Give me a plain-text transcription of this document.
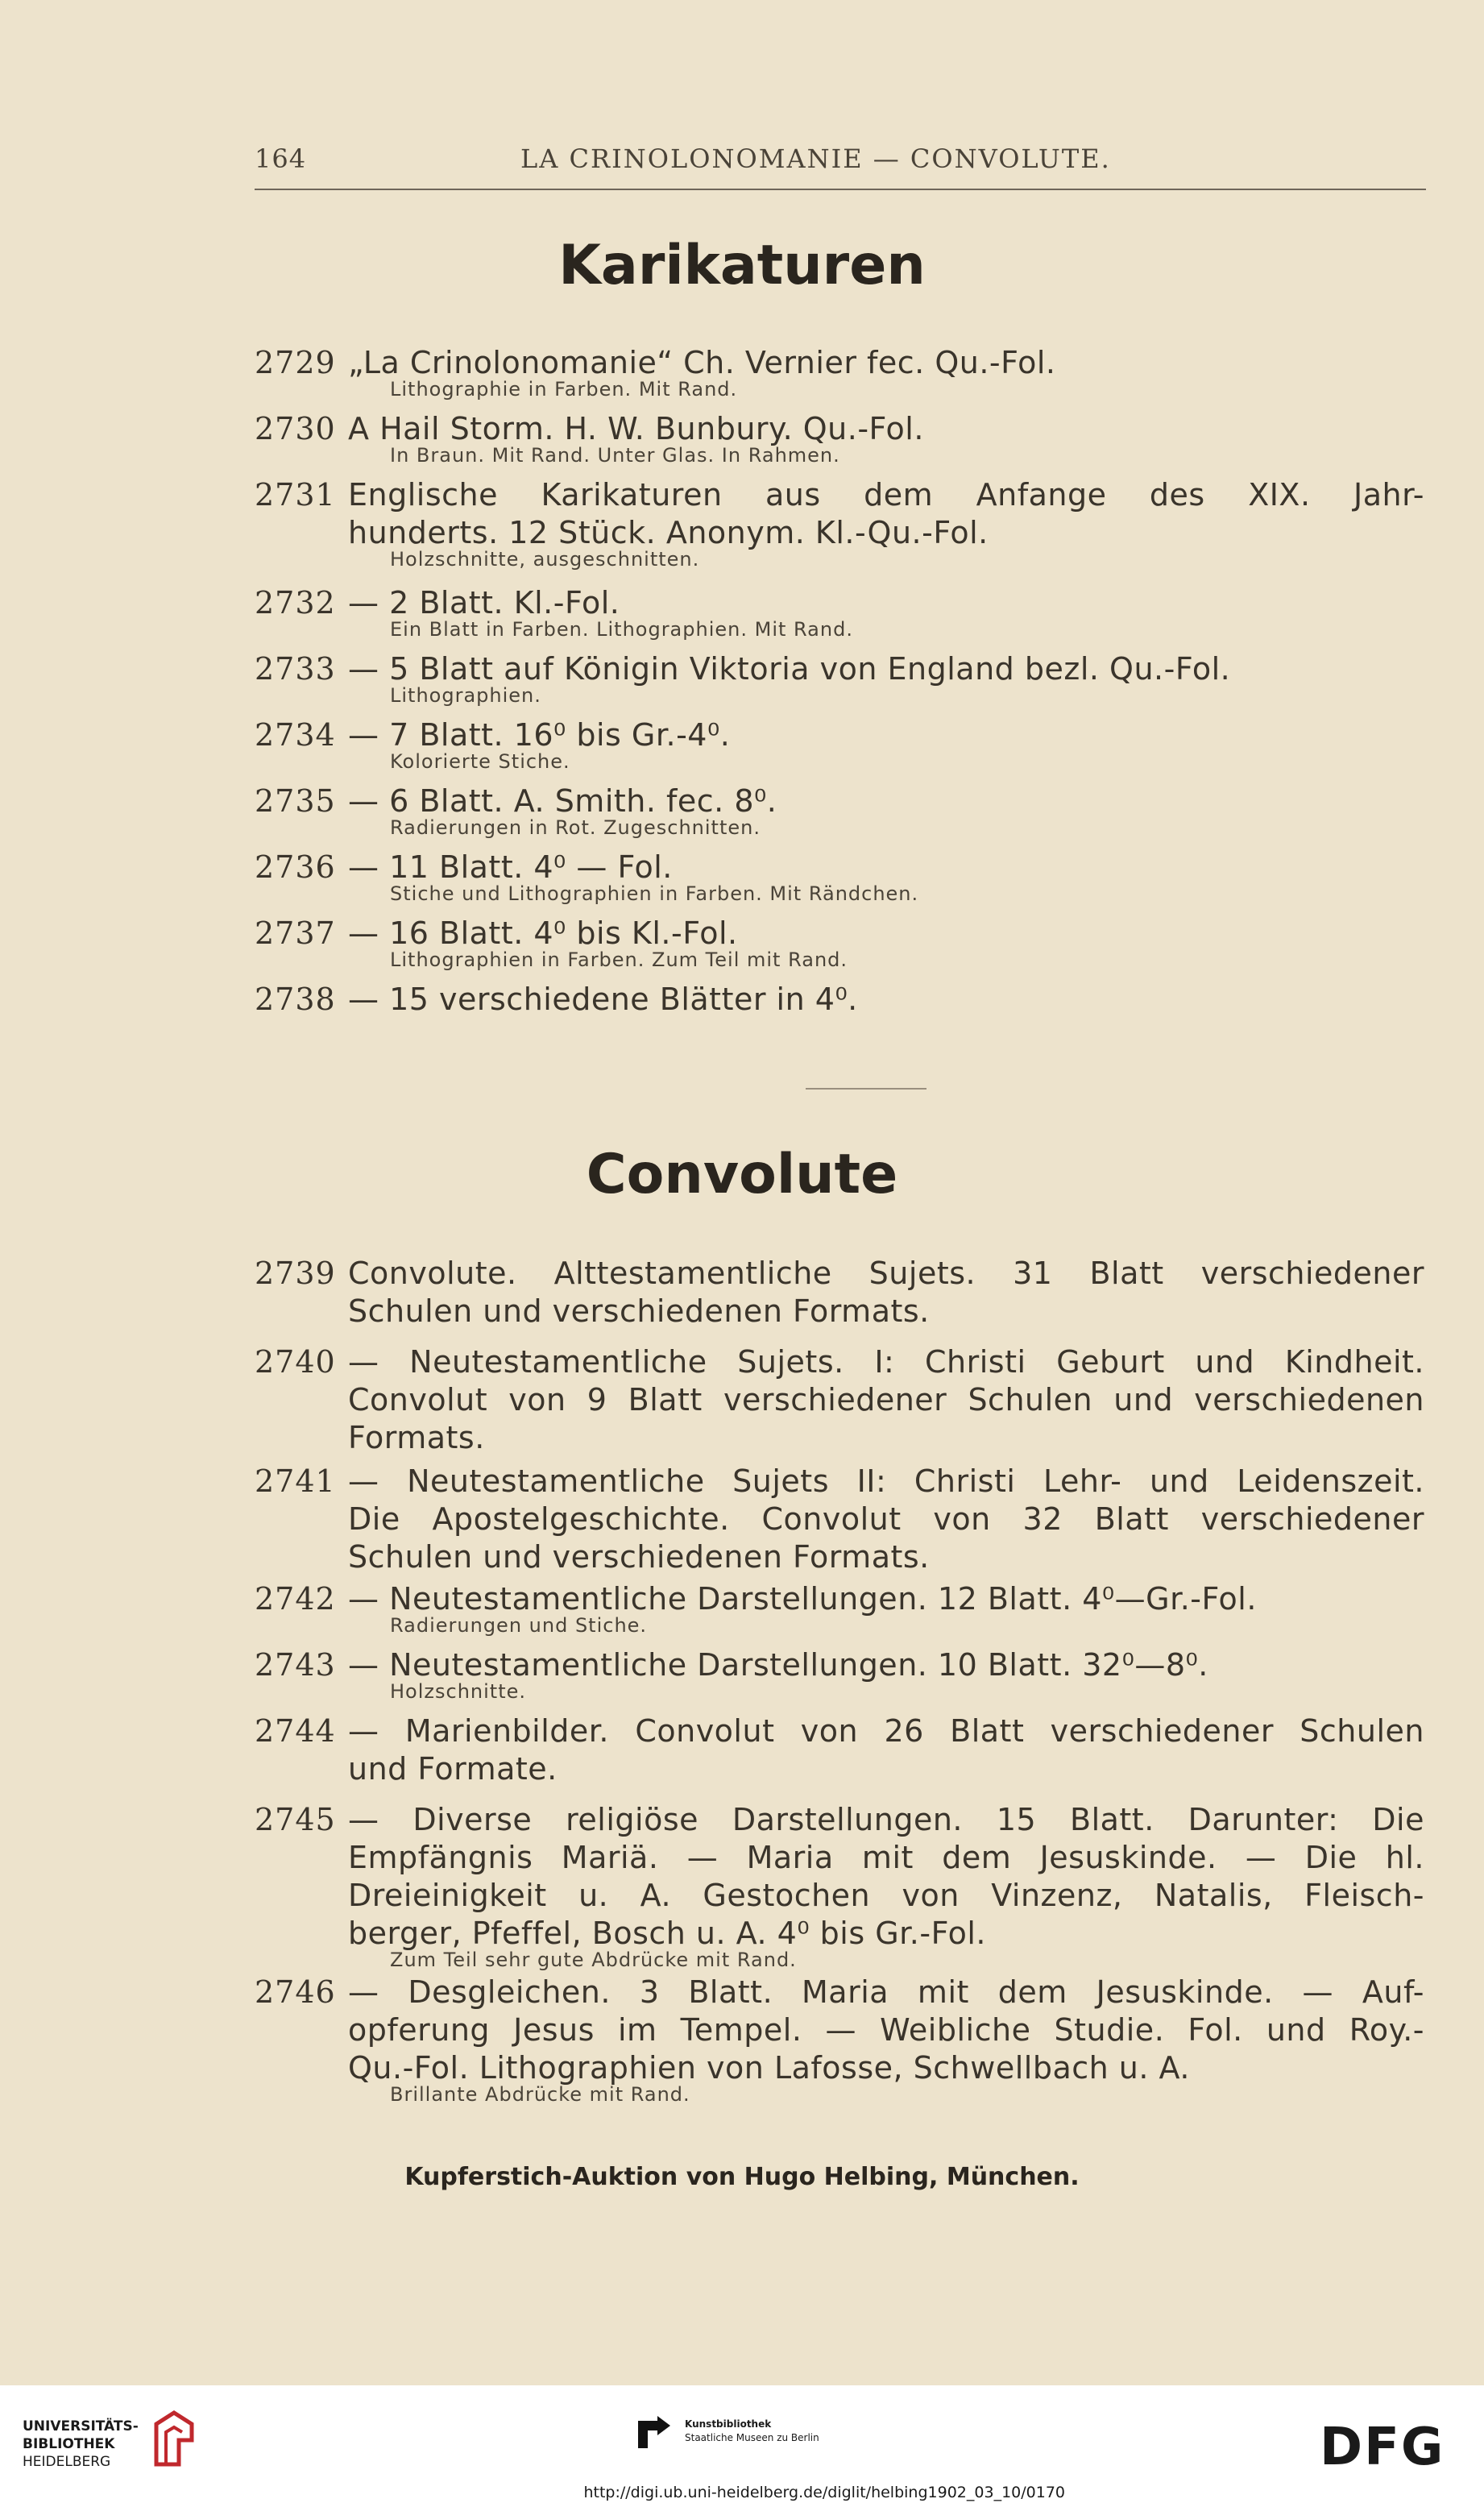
164	LA CRINOLONOMANIE — CONVOLUTE.
Karikaturen
2729 „La Crinolonomanie“ Ch. Vernier fec. Qu.-Fol.
Lithographie in Farben. Mit Rand.
2730 A Hail Storm. H. W. Bunbury. Qu.-Fol.
In Braun. Mit Rand. Unter Glas. In Rahmen.
2731 Englische Karikaturen aus dem Anfange des XIX. Jahr-
hunderts. 12 Stück. Anonym. Kl.-Qu.-Fol.
Holzschnitte, ausgeschnitten.
2732 — 2 Blatt. Kl.-Fol.
Ein Blatt in Farben. Lithographien. Mit Rand.
2733 — 5 Blatt auf Königin Viktoria von England bezl. Qu.-Fol.
Lithographien.
2734 — 7 Blatt. 16⁰ bis Gr.-4⁰.
Kolorierte Stiche.
2735 — 6 Blatt. A. Smith. fec. 8⁰.
Radierungen in Rot. Zugeschnitten.
2736 — 11 Blatt. 4⁰ — Fol.
Stiche und Lithographien in Farben. Mit Rändchen.
2737 — 16 Blatt. 4⁰ bis Kl.-Fol.
Lithographien in Farben. Zum Teil mit Rand.
2738 — 15 verschiedene Blätter in 4⁰.
Convolute
2739 Convolute. Alttestamentliche Sujets. 31 Blatt verschiedener
Schulen und verschiedenen Formats.
2740 — Neutestamentliche Sujets. I: Christi Geburt und Kindheit.
Convolut von 9 Blatt verschiedener Schulen und verschiedenen
Formats.
2741 — Neutestamentliche Sujets II: Christi Lehr- und Leidenszeit.
Die Apostelgeschichte. Convolut von 32 Blatt verschiedener
Schulen und verschiedenen Formats.
2742 — Neutestamentliche Darstellungen. 12 Blatt. 4⁰—Gr.-Fol.
Radierungen und Stiche.
2743 — Neutestamentliche Darstellungen. 10 Blatt. 32⁰—8⁰.
Holzschnitte.
2744 — Marienbilder. Convolut von 26 Blatt verschiedener Schulen
und Formate.
2745 — Diverse religiöse Darstellungen. 15 Blatt. Darunter: Die
Empfängnis Mariä. — Maria mit dem Jesuskinde. — Die hl.
Dreieinigkeit u. A. Gestochen von Vinzenz, Natalis, Fleisch-
berger, Pfeffel, Bosch u. A. 4⁰ bis Gr.-Fol.
Zum Teil sehr gute Abdrücke mit Rand.
2746 — Desgleichen. 3 Blatt. Maria mit dem Jesuskinde. — Auf-
opferung Jesus im Tempel. — Weibliche Studie. Fol. und Roy.-
Qu.-Fol. Lithographien von Lafosse, Schwellbach u. A.
Brillante Abdrücke mit Rand.
Kupferstich-Auktion von Hugo Helbing, München.
UNIVERSITÄTS-
BIBLIOTHEK
HEIDELBERG
Kunstbibliothek
Staatliche Museen zu Berlin	DFG
http://digi.ub.uni-heidelberg.de/diglit/helbing1902_03_10/0170
